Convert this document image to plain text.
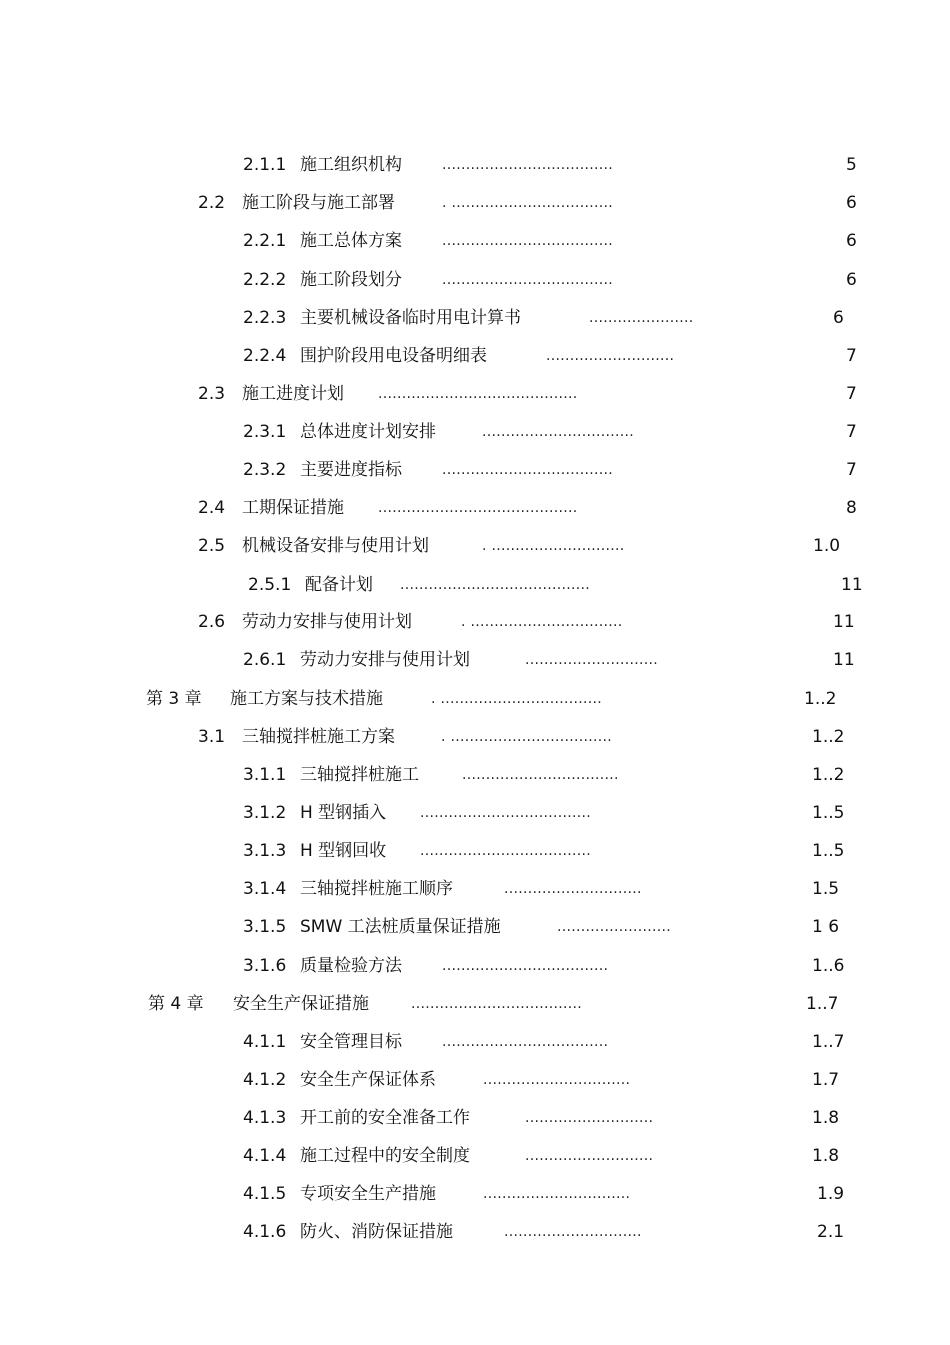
2.1.1 施工组织机构	....................................	5
2.2 施工阶段与施工部署	. ..................................	6
2.2.1 施工总体方案	....................................	6
2.2.2 施工阶段划分	....................................	6
2.2.3 主要机械设备临时用电计算书	......................	6
2.2.4 围护阶段用电设备明细表	...........................	7
2.3 施工进度计划 ..........................................	7
2.3.1 总体进度计划安排	................................	7
2.3.2 主要进度指标	....................................	7
2.4 工期保证措施 ..........................................	8
2.5 机械设备安排与使用计划	. ............................	1.0
2.5.1 配备计划 ........................................	11
2.6 劳动力安排与使用计划	. ................................	11
2.6.1 劳动力安排与使用计划	............................	11
第 3 章 施工方案与技术措施	. ..................................	1..2
3.1 三轴搅拌桩施工方案	. ..................................	1..2
3.1.1 三轴搅拌桩施工	.................................	1..2
3.1.2 H 型钢插入 ....................................	1..5
3.1.3 H 型钢回收 ....................................	1..5
3.1.4 三轴搅拌桩施工顺序	.............................	1.5
3.1.5 SMW 工法桩质量保证措施	........................	1 6
3.1.6 质量检验方法	...................................	1..6
第 4 章 安全生产保证措施	....................................	1..7
4.1.1 安全管理目标	...................................	1..7
4.1.2 安全生产保证体系	...............................	1.7
4.1.3 开工前的安全准备工作	...........................	1.8
4.1.4 施工过程中的安全制度	...........................	1.8
4.1.5 专项安全生产措施	...............................	1.9
4.1.6 防火、消防保证措施	.............................	2.1
